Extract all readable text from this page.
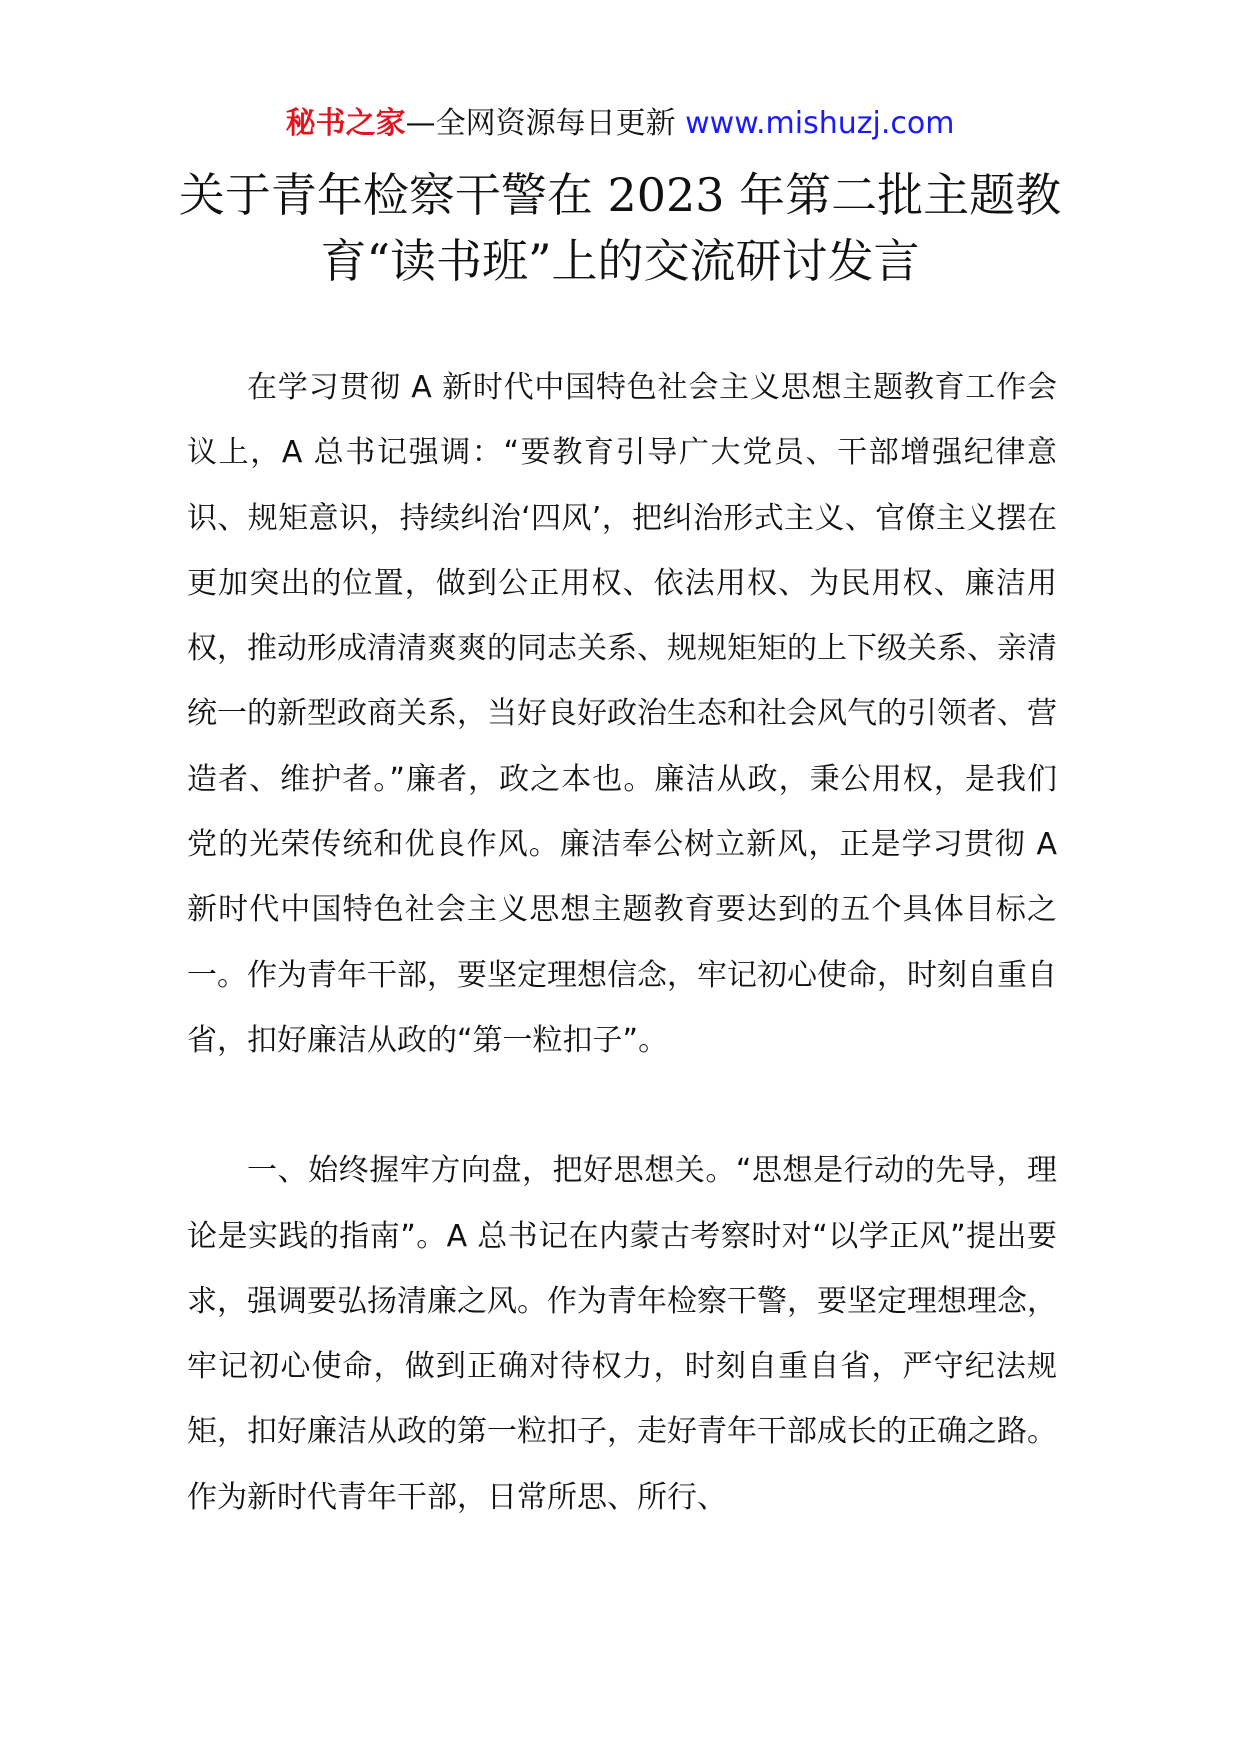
秘书之家—全网资源每日更新 www.mishuzj.com
关于青年检察干警在 2023 年第二批主题教
育“读书班”上的交流研讨发言

在学习贯彻 A 新时代中国特色社会主义思想主题教育工作会议上，A 总书记强调：“要教育引导广大党员、干部增强纪律意识、规矩意识，持续纠治‘四风’，把纠治形式主义、官僚主义摆在更加突出的位置，做到公正用权、依法用权、为民用权、廉洁用权，推动形成清清爽爽的同志关系、规规矩矩的上下级关系、亲清统一的新型政商关系，当好良好政治生态和社会风气的引领者、营造者、维护者。”廉者，政之本也。廉洁从政，秉公用权，是我们党的光荣传统和优良作风。廉洁奉公树立新风，正是学习贯彻 A 新时代中国特色社会主义思想主题教育要达到的五个具体目标之一。作为青年干部，要坚定理想信念，牢记初心使命，时刻自重自省，扣好廉洁从政的“第一粒扣子”。

一、始终握牢方向盘，把好思想关。“思想是行动的先导，理论是实践的指南”。A 总书记在内蒙古考察时对“以学正风”提出要求，强调要弘扬清廉之风。作为青年检察干警，要坚定理想理念，牢记初心使命，做到正确对待权力，时刻自重自省，严守纪法规矩，扣好廉洁从政的第一粒扣子，走好青年干部成长的正确之路。作为新时代青年干部，日常所思、所行、
